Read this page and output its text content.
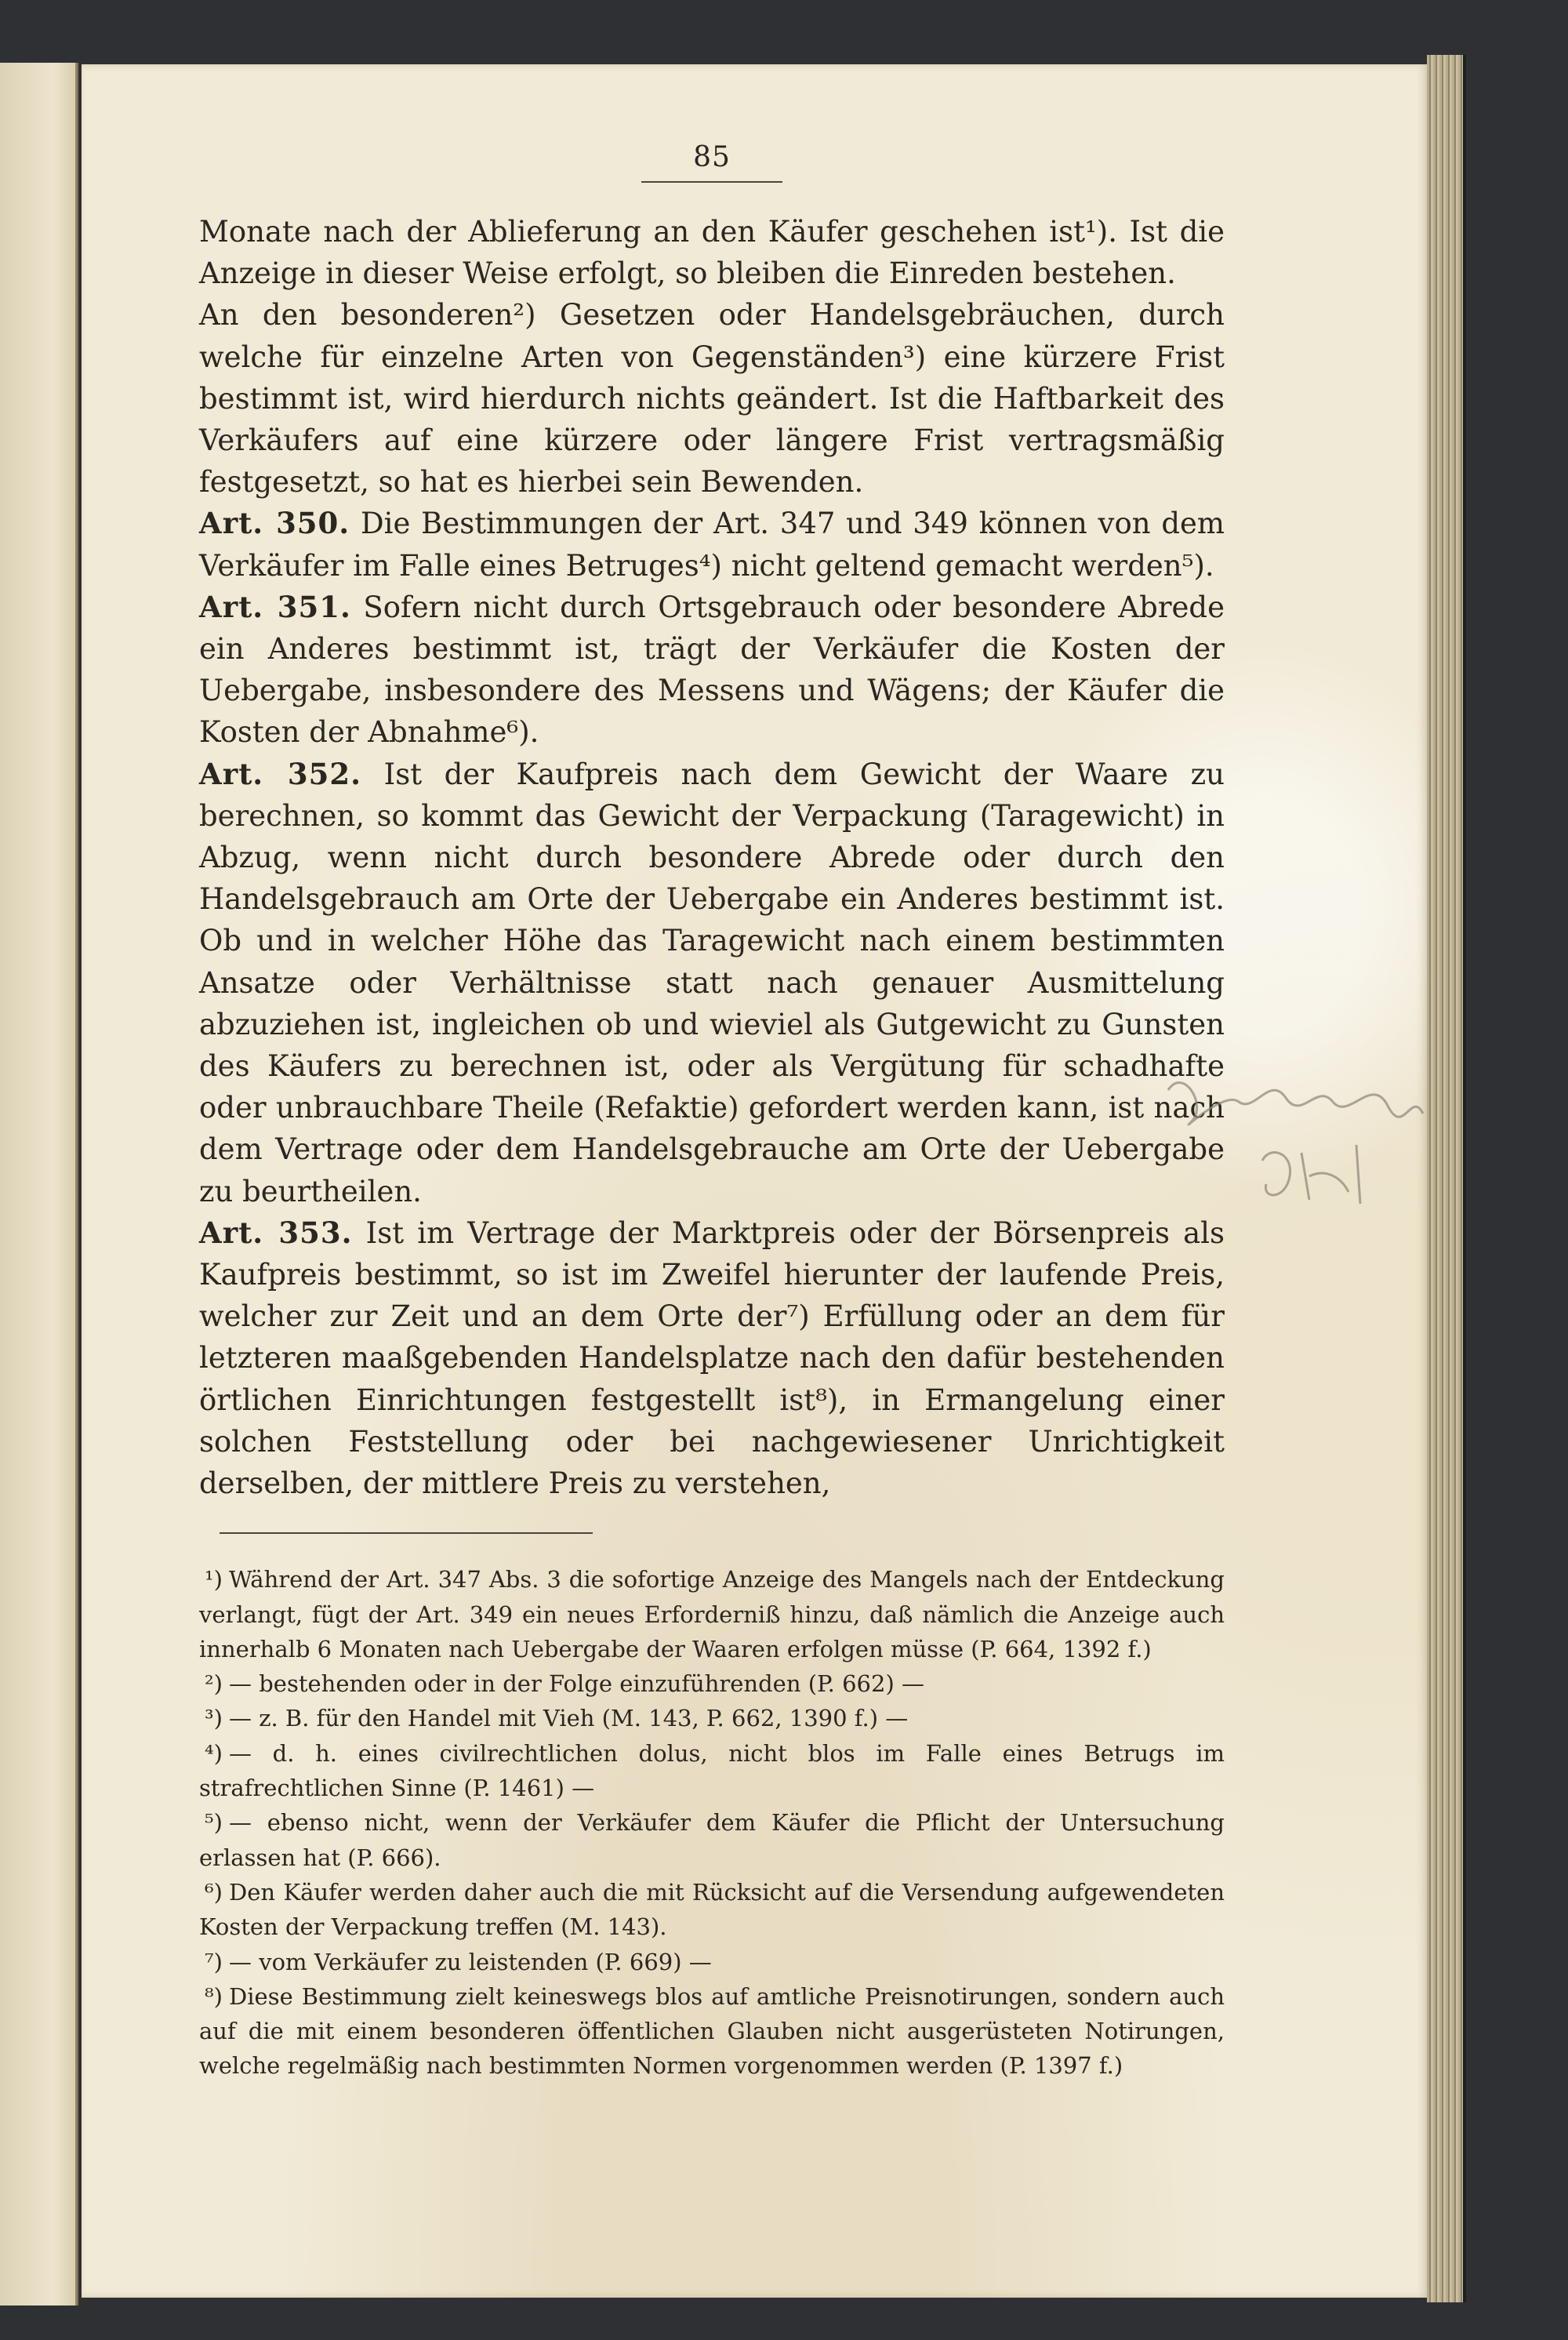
85

Monate nach der Ablieferung an den Käufer geschehen ist¹). Ist die Anzeige in dieser Weise erfolgt, so bleiben die Einreden bestehen.

An den besonderen²) Gesetzen oder Handelsgebräuchen, durch welche für einzelne Arten von Gegenständen³) eine kürzere Frist bestimmt ist, wird hierdurch nichts geändert. Ist die Haftbarkeit des Verkäufers auf eine kürzere oder längere Frist vertragsmäßig festgesetzt, so hat es hierbei sein Bewenden.

Art. 350. Die Bestimmungen der Art. 347 und 349 können von dem Verkäufer im Falle eines Betruges⁴) nicht geltend gemacht werden⁵).

Art. 351. Sofern nicht durch Ortsgebrauch oder besondere Abrede ein Anderes bestimmt ist, trägt der Verkäufer die Kosten der Uebergabe, insbesondere des Messens und Wägens; der Käufer die Kosten der Abnahme⁶).

Art. 352. Ist der Kaufpreis nach dem Gewicht der Waare zu berechnen, so kommt das Gewicht der Verpackung (Taragewicht) in Abzug, wenn nicht durch besondere Abrede oder durch den Handelsgebrauch am Orte der Uebergabe ein Anderes bestimmt ist. Ob und in welcher Höhe das Taragewicht nach einem bestimmten Ansatze oder Verhältnisse statt nach genauer Ausmittelung abzuziehen ist, ingleichen ob und wieviel als Gutgewicht zu Gunsten des Käufers zu berechnen ist, oder als Vergütung für schadhafte oder unbrauchbare Theile (Refaktie) gefordert werden kann, ist nach dem Vertrage oder dem Handelsgebrauche am Orte der Uebergabe zu beurtheilen.

Art. 353. Ist im Vertrage der Marktpreis oder der Börsenpreis als Kaufpreis bestimmt, so ist im Zweifel hierunter der laufende Preis, welcher zur Zeit und an dem Orte der⁷) Erfüllung oder an dem für letzteren maaßgebenden Handelsplatze nach den dafür bestehenden örtlichen Einrichtungen festgestellt ist⁸), in Ermangelung einer solchen Feststellung oder bei nachgewiesener Unrichtigkeit derselben, der mittlere Preis zu verstehen,

¹) Während der Art. 347 Abs. 3 die sofortige Anzeige des Mangels nach der Entdeckung verlangt, fügt der Art. 349 ein neues Erforderniß hinzu, daß nämlich die Anzeige auch innerhalb 6 Monaten nach Uebergabe der Waaren erfolgen müsse (P. 664, 1392 f.)

²) — bestehenden oder in der Folge einzuführenden (P. 662) —

³) — z. B. für den Handel mit Vieh (M. 143, P. 662, 1390 f.) —

⁴) — d. h. eines civilrechtlichen dolus, nicht blos im Falle eines Betrugs im strafrechtlichen Sinne (P. 1461) —

⁵) — ebenso nicht, wenn der Verkäufer dem Käufer die Pflicht der Untersuchung erlassen hat (P. 666).

⁶) Den Käufer werden daher auch die mit Rücksicht auf die Versendung aufgewendeten Kosten der Verpackung treffen (M. 143).

⁷) — vom Verkäufer zu leistenden (P. 669) —

⁸) Diese Bestimmung zielt keineswegs blos auf amtliche Preisnotirungen, sondern auch auf die mit einem besonderen öffentlichen Glauben nicht ausgerüsteten Notirungen, welche regelmäßig nach bestimmten Normen vorgenommen werden (P. 1397 f.)
